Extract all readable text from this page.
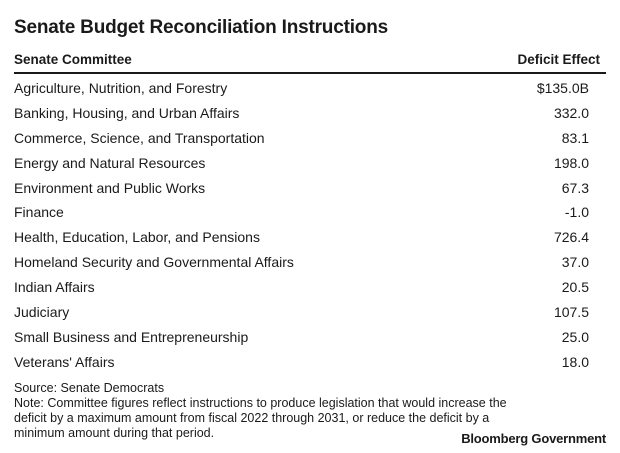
Senate Budget Reconciliation Instructions
Senate Committee	Deficit Effect
Agriculture, Nutrition, and Forestry	$135.0B
Banking, Housing, and Urban Affairs	332.0
Commerce, Science, and Transportation	83.1
Energy and Natural Resources	198.0
Environment and Public Works	67.3
Finance	-1.0
Health, Education, Labor, and Pensions	726.4
Homeland Security and Governmental Affairs	37.0
Indian Affairs	20.5
Judiciary	107.5
Small Business and Entrepreneurship	25.0
Veterans' Affairs	18.0
Source: Senate Democrats
Note: Committee figures reflect instructions to produce legislation that would increase the deficit by a maximum amount from fiscal 2022 through 2031, or reduce the deficit by a minimum amount during that period.	Bloomberg Government
